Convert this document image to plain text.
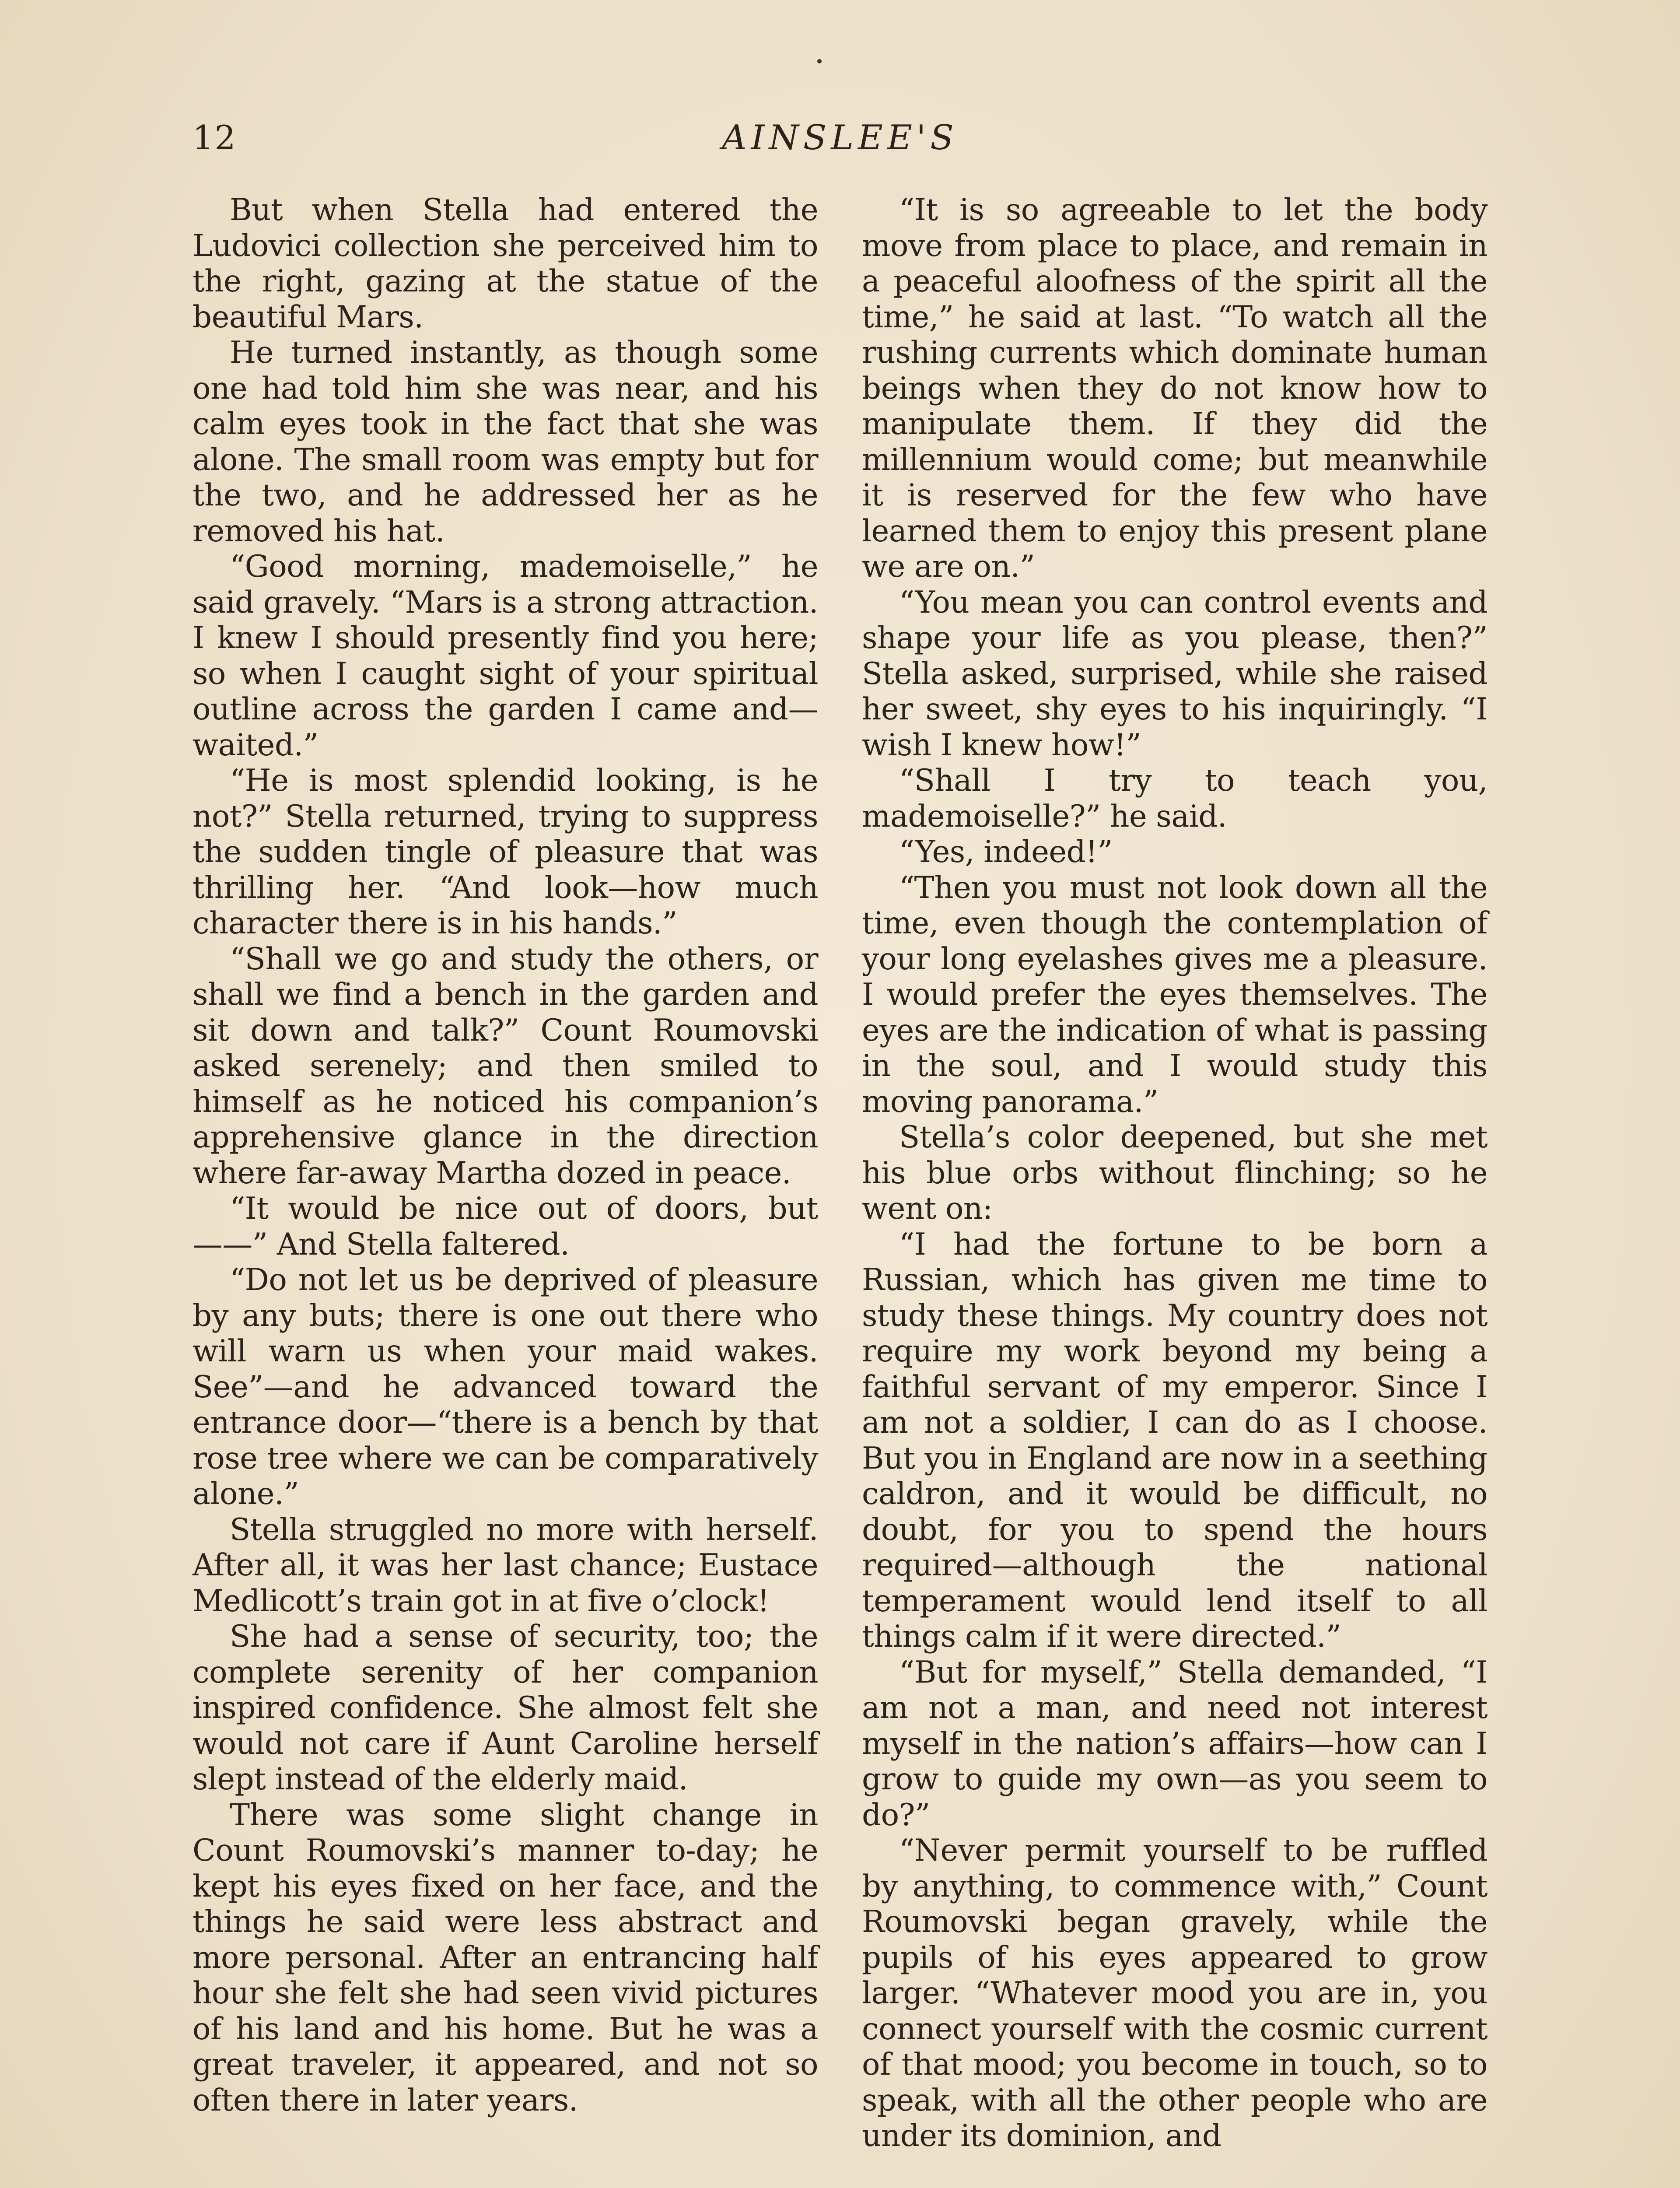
12	AINSLEE'S

But when Stella had entered the Ludovici collection she perceived him to the right, gazing at the statue of the beautiful Mars.

He turned instantly, as though some one had told him she was near, and his calm eyes took in the fact that she was alone. The small room was empty but for the two, and he addressed her as he removed his hat.

“Good morning, mademoiselle,” he said gravely. “Mars is a strong attraction. I knew I should presently find you here; so when I caught sight of your spiritual outline across the garden I came and—waited.”

“He is most splendid looking, is he not?” Stella returned, trying to suppress the sudden tingle of pleasure that was thrilling her. “And look—how much character there is in his hands.”

“Shall we go and study the others, or shall we find a bench in the garden and sit down and talk?” Count Roumovski asked serenely; and then smiled to himself as he noticed his companion’s apprehensive glance in the direction where far-away Martha dozed in peace.

“It would be nice out of doors, but ——” And Stella faltered.

“Do not let us be deprived of pleasure by any buts; there is one out there who will warn us when your maid wakes. See”—and he advanced toward the entrance door—“there is a bench by that rose tree where we can be comparatively alone.”

Stella struggled no more with herself. After all, it was her last chance; Eustace Medlicott’s train got in at five o’clock!

She had a sense of security, too; the complete serenity of her companion inspired confidence. She almost felt she would not care if Aunt Caroline herself slept instead of the elderly maid.

There was some slight change in Count Roumovski’s manner to-day; he kept his eyes fixed on her face, and the things he said were less abstract and more personal. After an entrancing half hour she felt she had seen vivid pictures of his land and his home. But he was a great traveler, it appeared, and not so often there in later years.

“It is so agreeable to let the body move from place to place, and remain in a peaceful aloofness of the spirit all the time,” he said at last. “To watch all the rushing currents which dominate human beings when they do not know how to manipulate them. If they did the millennium would come; but meanwhile it is reserved for the few who have learned them to enjoy this present plane we are on.”

“You mean you can control events and shape your life as you please, then?” Stella asked, surprised, while she raised her sweet, shy eyes to his inquiringly. “I wish I knew how!”

“Shall I try to teach you, mademoiselle?” he said.

“Yes, indeed!”

“Then you must not look down all the time, even though the contemplation of your long eyelashes gives me a pleasure. I would prefer the eyes themselves. The eyes are the indication of what is passing in the soul, and I would study this moving panorama.”

Stella’s color deepened, but she met his blue orbs without flinching; so he went on:

“I had the fortune to be born a Russian, which has given me time to study these things. My country does not require my work beyond my being a faithful servant of my emperor. Since I am not a soldier, I can do as I choose. But you in England are now in a seething caldron, and it would be difficult, no doubt, for you to spend the hours required—although the national temperament would lend itself to all things calm if it were directed.”

“But for myself,” Stella demanded, “I am not a man, and need not interest myself in the nation’s affairs—how can I grow to guide my own—as you seem to do?”

“Never permit yourself to be ruffled by anything, to commence with,” Count Roumovski began gravely, while the pupils of his eyes appeared to grow larger. “Whatever mood you are in, you connect yourself with the cosmic current of that mood; you become in touch, so to speak, with all the other people who are under its dominion, and
